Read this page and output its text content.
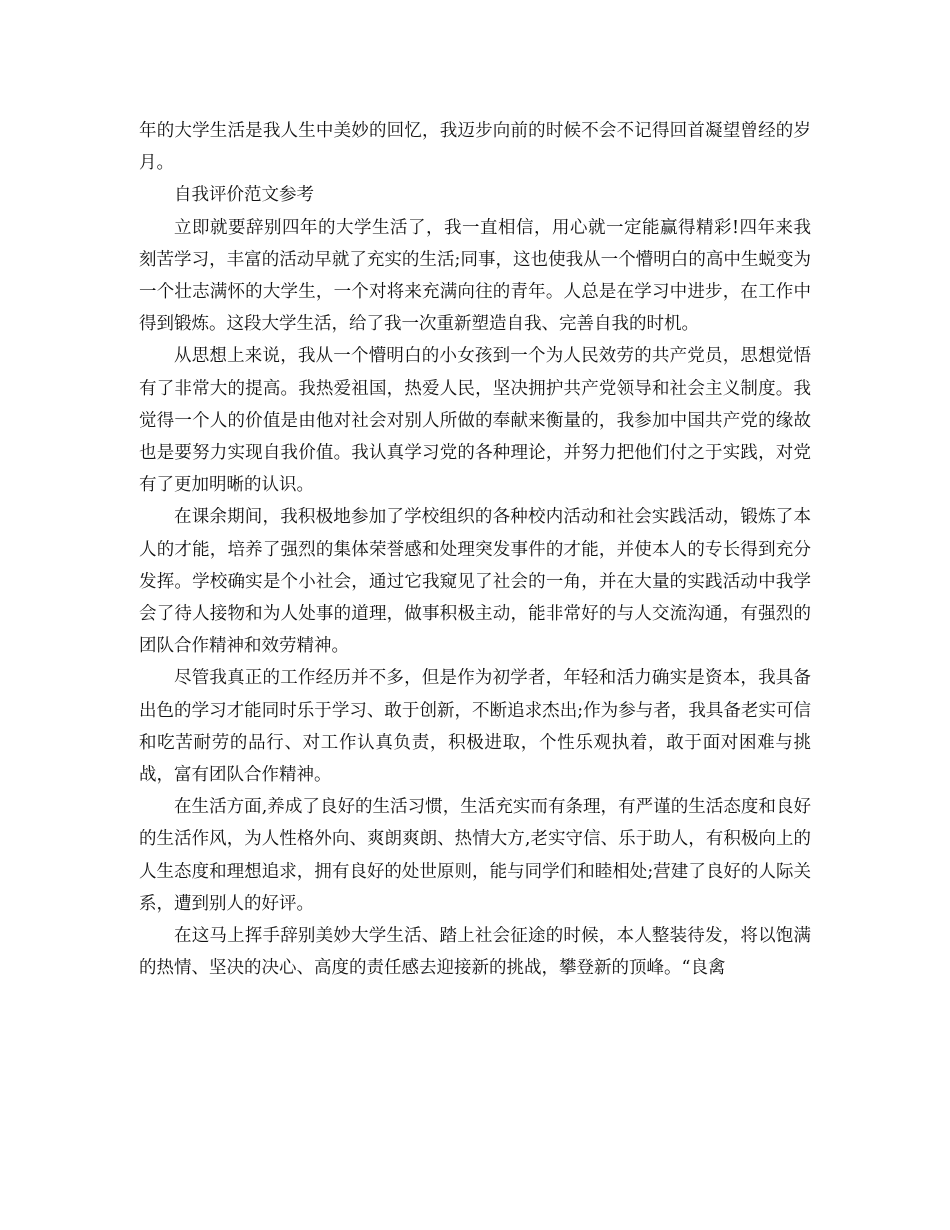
年的大学生活是我人生中美妙的回忆，我迈步向前的时候不会不记得回首凝望曾经的岁月。

自我评价范文参考

立即就要辞别四年的大学生活了，我一直相信，用心就一定能赢得精彩!四年来我刻苦学习，丰富的活动早就了充实的生活;同事，这也使我从一个懵明白的高中生蜕变为一个壮志满怀的大学生，一个对将来充满向往的青年。人总是在学习中进步，在工作中得到锻炼。这段大学生活，给了我一次重新塑造自我、完善自我的时机。

从思想上来说，我从一个懵明白的小女孩到一个为人民效劳的共产党员，思想觉悟有了非常大的提高。我热爱祖国，热爱人民，坚决拥护共产党领导和社会主义制度。我觉得一个人的价值是由他对社会对别人所做的奉献来衡量的，我参加中国共产党的缘故也是要努力实现自我价值。我认真学习党的各种理论，并努力把他们付之于实践，对党有了更加明晰的认识。

在课余期间，我积极地参加了学校组织的各种校内活动和社会实践活动，锻炼了本人的才能，培养了强烈的集体荣誉感和处理突发事件的才能，并使本人的专长得到充分发挥。学校确实是个小社会，通过它我窥见了社会的一角，并在大量的实践活动中我学会了待人接物和为人处事的道理，做事积极主动，能非常好的与人交流沟通，有强烈的团队合作精神和效劳精神。

尽管我真正的工作经历并不多，但是作为初学者，年轻和活力确实是资本，我具备出色的学习才能同时乐于学习、敢于创新，不断追求杰出;作为参与者，我具备老实可信和吃苦耐劳的品行、对工作认真负责，积极进取，个性乐观执着，敢于面对困难与挑战，富有团队合作精神。

在生活方面,养成了良好的生活习惯，生活充实而有条理，有严谨的生活态度和良好的生活作风，为人性格外向、爽朗爽朗、热情大方,老实守信、乐于助人，有积极向上的人生态度和理想追求，拥有良好的处世原则，能与同学们和睦相处;营建了良好的人际关系，遭到别人的好评。

在这马上挥手辞别美妙大学生活、踏上社会征途的时候，本人整装待发，将以饱满的热情、坚决的决心、高度的责任感去迎接新的挑战，攀登新的顶峰。“良禽
